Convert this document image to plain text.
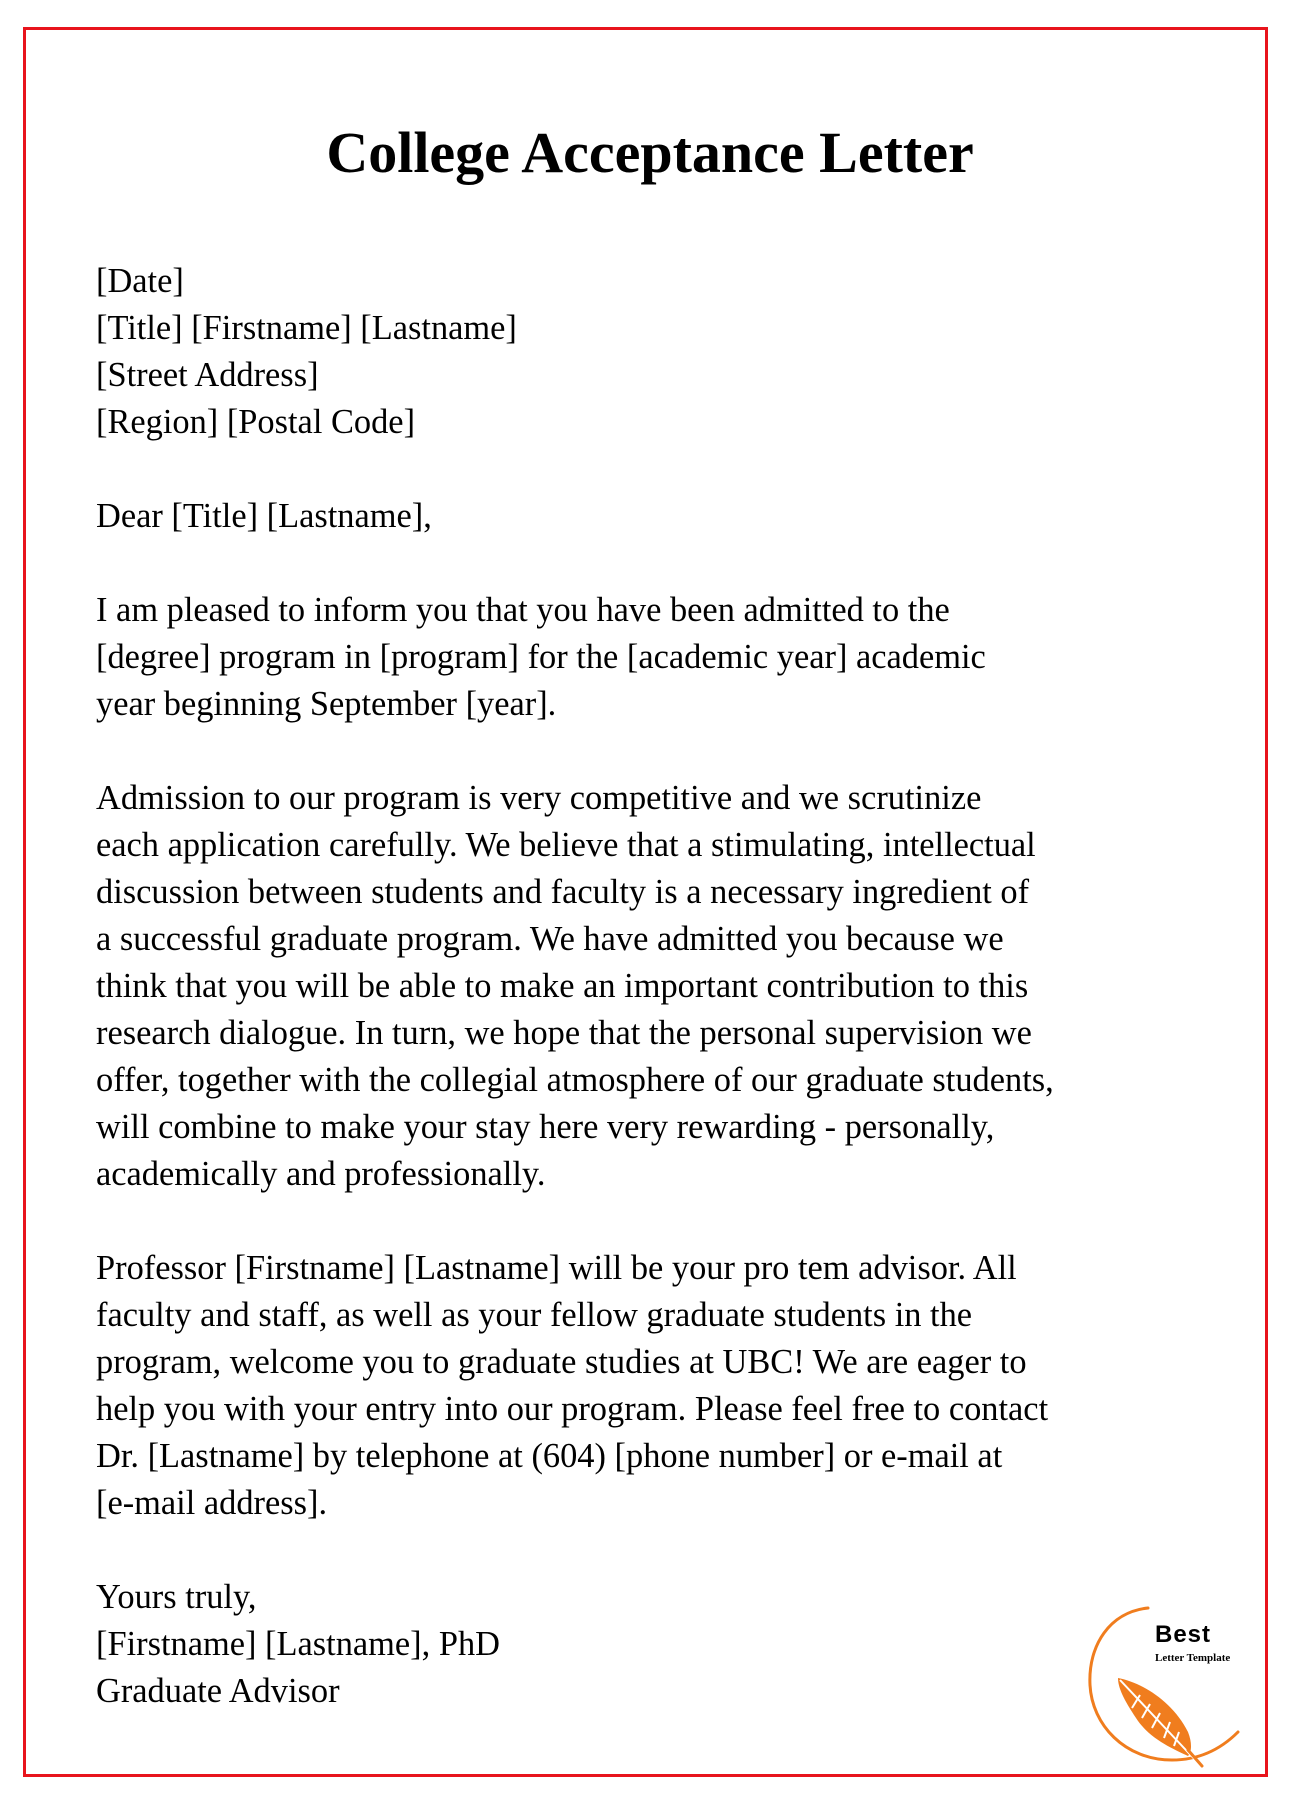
College Acceptance Letter
[Date]
[Title] [Firstname] [Lastname]
[Street Address]
[Region] [Postal Code]
Dear [Title] [Lastname],
I am pleased to inform you that you have been admitted to the
[degree] program in [program] for the [academic year] academic
year beginning September [year].
Admission to our program is very competitive and we scrutinize
each application carefully. We believe that a stimulating, intellectual
discussion between students and faculty is a necessary ingredient of
a successful graduate program. We have admitted you because we
think that you will be able to make an important contribution to this
research dialogue. In turn, we hope that the personal supervision we
offer, together with the collegial atmosphere of our graduate students,
will combine to make your stay here very rewarding - personally,
academically and professionally.
Professor [Firstname] [Lastname] will be your pro tem advisor. All
faculty and staff, as well as your fellow graduate students in the
program, welcome you to graduate studies at UBC! We are eager to
help you with your entry into our program. Please feel free to contact
Dr. [Lastname] by telephone at (604) [phone number] or e-mail at
[e-mail address].
Yours truly,
[Firstname] [Lastname], PhD
Graduate Advisor
Best
Letter Template
